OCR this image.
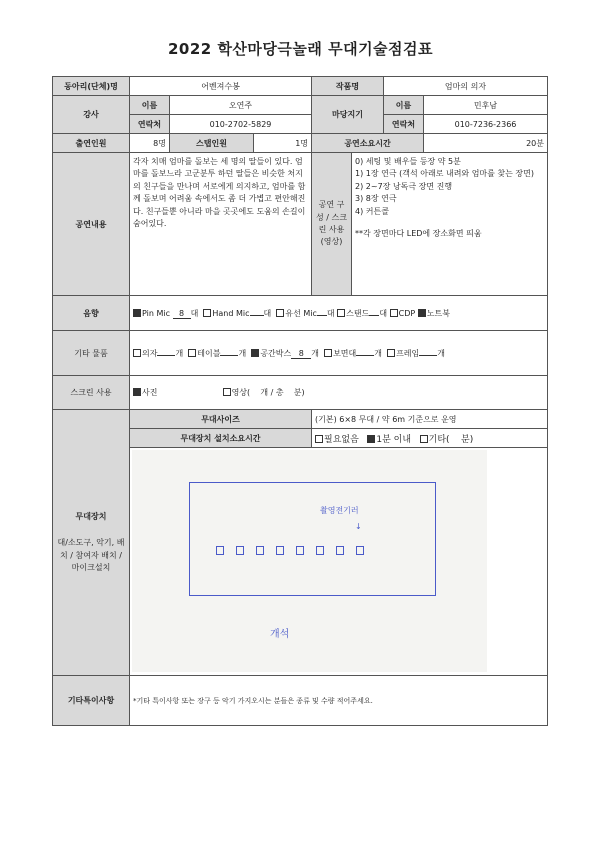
2022 학산마당극놀래 무대기술점검표
동아리(단체)명	어벤져수봉	작품명	엄마의 의자

강사
	이름	오연주	마당지기	이름	민후남
연락처	010-2702-5829	연락처	010-7236-2366
출연인원	8명	스탭인원	1명	공연소요시간	20분
공연내용	각자 치매 엄마를 돌보는 세 명의 딸들이 있다. 엄마를 돌보느라 고군분투 하던 딸들은 비슷한 처지의 친구들을 만나며 서로에게 의지하고, 엄마를 함께 돌보며 어려움 속에서도 좀 더 가볍고 편안해진다. 친구들뿐 아니라 마을 곳곳에도 도움의 손길이 숨어있다.	공연 구성 / 스크린 사용 (영상)	
0) 세팅 및 배우들 등장 약 5분
1) 1장 연극 (객석 아래로 내려와 엄마를 찾는 장면)
2) 2~7장 낭독극 장면 진행
3) 8장 연극
4) 커튼콜
**각 장면마다 LED에 장소화면 띄움

음향	Pin Mic 8 대 Hand Mic 대 유선 Mic 대 스탠드 대 CDP 노트북
기타 물품	의자 개 테이블 개 공간박스 8 개 보면대 개 프레임 개
스크린 사용	사진	영상( 개 / 총 분)

무대장치
대/소도구, 악기, 배치 / 참여자 배치 / 마이크설치
	무대사이즈	(기본) 6×8 무대 / 약 6m 기준으로 운영
무대장치 설치소요시간	필요없음 1분 이내 기타( 분)

촬영전기러
↓
개석

기타특이사항	*기타 특이사항 또는 장구 등 악기 가지오시는 분들은 종류 및 수량 적어주세요.
